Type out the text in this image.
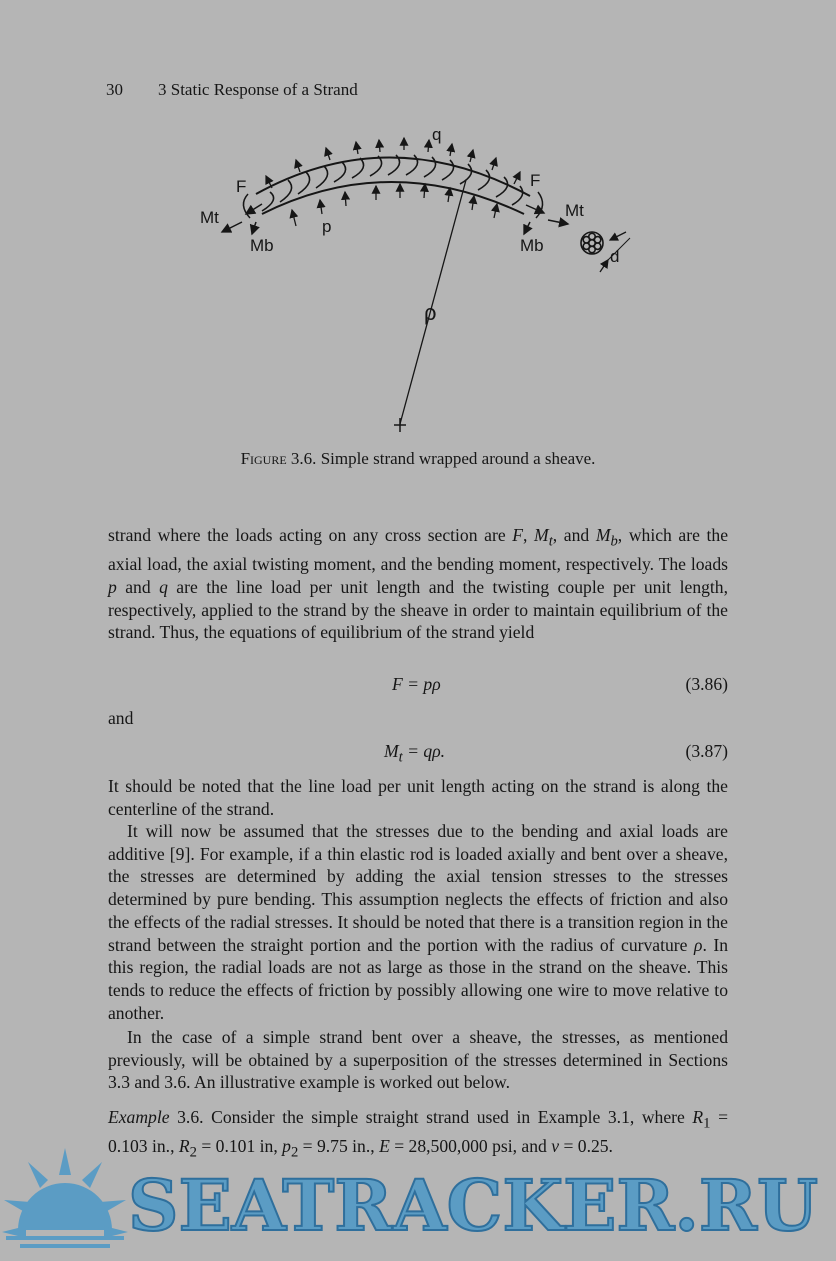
30 3 Static Response of a Strand
q
F	F
Mt	Mt
Mb	Mb
p
ρ
d
Figure 3.6. Simple strand wrapped around a sheave.
strand where the loads acting on any cross section are F, $M_t$, and $M_b$, which are the axial load, the axial twisting moment, and the bending moment, respectively. The loads p and q are the line load per unit length and the twisting couple per unit length, respectively, applied to the strand by the sheave in order to maintain equilibrium of the strand. Thus, the equations of equilibrium of the strand yield
F = pρ	(3.86)
and
$M_t = q\rho$.	(3.87)
It should be noted that the line load per unit length acting on the strand is along the centerline of the strand.
It will now be assumed that the stresses due to the bending and axial loads are additive [9]. For example, if a thin elastic rod is loaded axially and bent over a sheave, the stresses are determined by adding the axial tension stresses to the stresses determined by pure bending. This assumption neglects the effects of friction and also the effects of the radial stresses. It should be noted that there is a transition region in the strand between the straight portion and the portion with the radius of curvature ρ. In this region, the radial loads are not as large as those in the strand on the sheave. This tends to reduce the effects of friction by possibly allowing one wire to move relative to another.
In the case of a simple strand bent over a sheave, the stresses, as mentioned previously, will be obtained by a superposition of the stresses determined in Sections 3.3 and 3.6. An illustrative example is worked out below.
Example 3.6. Consider the simple straight strand used in Example 3.1, where $R_1 = 0.103$ in., $R_2 = 0.101$ in, $p_2 = 9.75$ in., E = 28,500,000 psi, and v = 0.25.
SEATRACKER.RU
